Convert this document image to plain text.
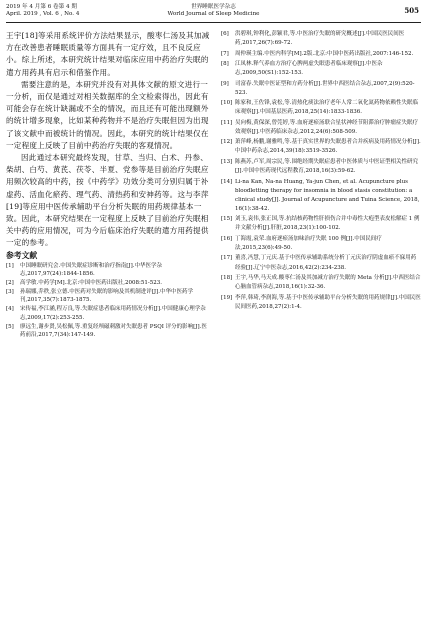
2019 年 4 月第 6 卷第 4 期
April. 2019 , Vol. 6 , No. 4
世界睡眠医学杂志
World Journal of Sleep Medicine	505

王宇[18]等采用系统评价方法结果显示，酸枣仁汤及其加减方在改善患者睡眠质量等方面具有一定疗效，且不良反应小。综上所述，本研究统计结果对临床应用中药治疗失眠的遣方用药具有启示和借鉴作用。

需要注意的是，本研究并没有对具体文献的原文进行一一分析，而仅是通过对相关数据库的全文检索得出，因此有可能会存在统计缺漏或不全的情况，而且还有可能出现额外的统计增多现象，比如某种药物并不是治疗失眠但因为出现了该文献中而被统计的情况。因此，本研究的统计结果仅在一定程度上反映了目前中药治疗失眠的客观情况。

因此通过本研究最终发现，甘草、当归、白术、丹参、柴胡、白芍、黄芪、茯苓、半夏、党参等是目前治疗失眠应用频次较高的中药，按《中药学》功效分类可分别归属于补虚药、活血化瘀药、理气药、清热药和安神药等。这与李萍[19]等应用中医传承辅助平台分析失眠的用药规律基本一致。因此，本研究结果在一定程度上反映了目前治疗失眠相关中药的应用情况，可为今后临床治疗失眠的遣方用药提供一定的参考。

参考文献
[1] 中国睡眠研究会.中国失眠症诊断和治疗指南[J].中华医学杂志,2017,97(24):1844-1856.
[2] 高学敏.中药学[M].北京:中国中医药出版社,2008:51-523.
[3] 孙瑞娜,乔秩,张立德.中医药对失眠的影响及其机制进评[J].中华中医药学刊,2017,35(7):1873-1875.
[4] 宋传福,李江涵,程万良,等.失眠症患者临床用药情况分析[J].中国健康心理学杂志,2009,17(2):253-255.
[5] 廖远生,谢步贤,吴松佩,等.重复经颅磁刺激对失眠患者 PSQI 评分的影响[J].医药前沿,2017,7(34):147-149.
[6] 洪碧琪,钟利化,彭颖君,等.中医治疗失眠的研究概述[J].中国民医民间医药,2017,26(7):69-72.
[7] 周仲瑛主编.中医内科学[M].2版.北京:中国中医药出版社,2007:146-152.
[8] 江凤林.释气养血方治疗心脾两虚失眠患者临床观察[J].中医杂志,2009,50(S1):152-153.
[9] 司富春.失眠中医证型和方药分析[J].世界中西医结合杂志,2007,2(9):520-523.
[10] 陈家和,王佐锋,袁松,等.清热化痰法治疗老年人常二氧化氮药物依赖性失眠临床观察[J].中国基层医药,2018,25(14):1833-1836.
[11] 吴向梅,黄保深,曾莞婷,等.血府逐瘀汤联合星状神经节阻滞治疗肿瘤症失眠疗效观察[J].中医药临床杂志,2012,24(6):508-509.
[12] 萧萍峰,杨鹏,谢雅鸣,等.基于真实世界的失眠患者合并疾病及用药情况分析[J].中国中药杂志,2014,39(18):3519-3526.
[13] 陈燕苏,卢军,周宗民,等.围绝经期失眠症患者中医体质与中医证型相关性研究[J].中国中医药现代远程教育,2018,16(3):59-62.
[14] Li-na Kan, Na-na Huang, Ya-jun Chen, et al. Acupuncture plus bloodletting therapy for insomnia in blood stasis constitution: a clinical study[J]. Journal of Acupuncture and Tuina Science, 2018, 16(1):38-42.
[15] 刘玉,袁伟,张正国,等.抗结核药物性肝损伤合并中毒性大疱型表皮松解症 1 例并文献分析[J].肝脏,2018,23(1):100-102.
[16] 丁海霞,袁荣.血府逐瘀汤加味治疗失眠 100 例[J].中国民间疗法,2015,23(6):49-50.
[17] 董喜,冯慧,丁元庆.基于中医传承辅助系统分析丁元庆治疗阴虚血瘀不寐用药经验[J].辽宁中医杂志,2016,42(2):234-238.
[18] 王宇,马华,马天成.酸枣仁汤及其加减方治疗失眠的 Meta 分析[J].中西医结合心脑血管病杂志,2018,16(1):32-36.
[19] 李萍,韩琦,李润海,等.基于中医传承辅助平台分析失眠的用药规律[J].中国民医民间医药,2018,27(2):1-4.
